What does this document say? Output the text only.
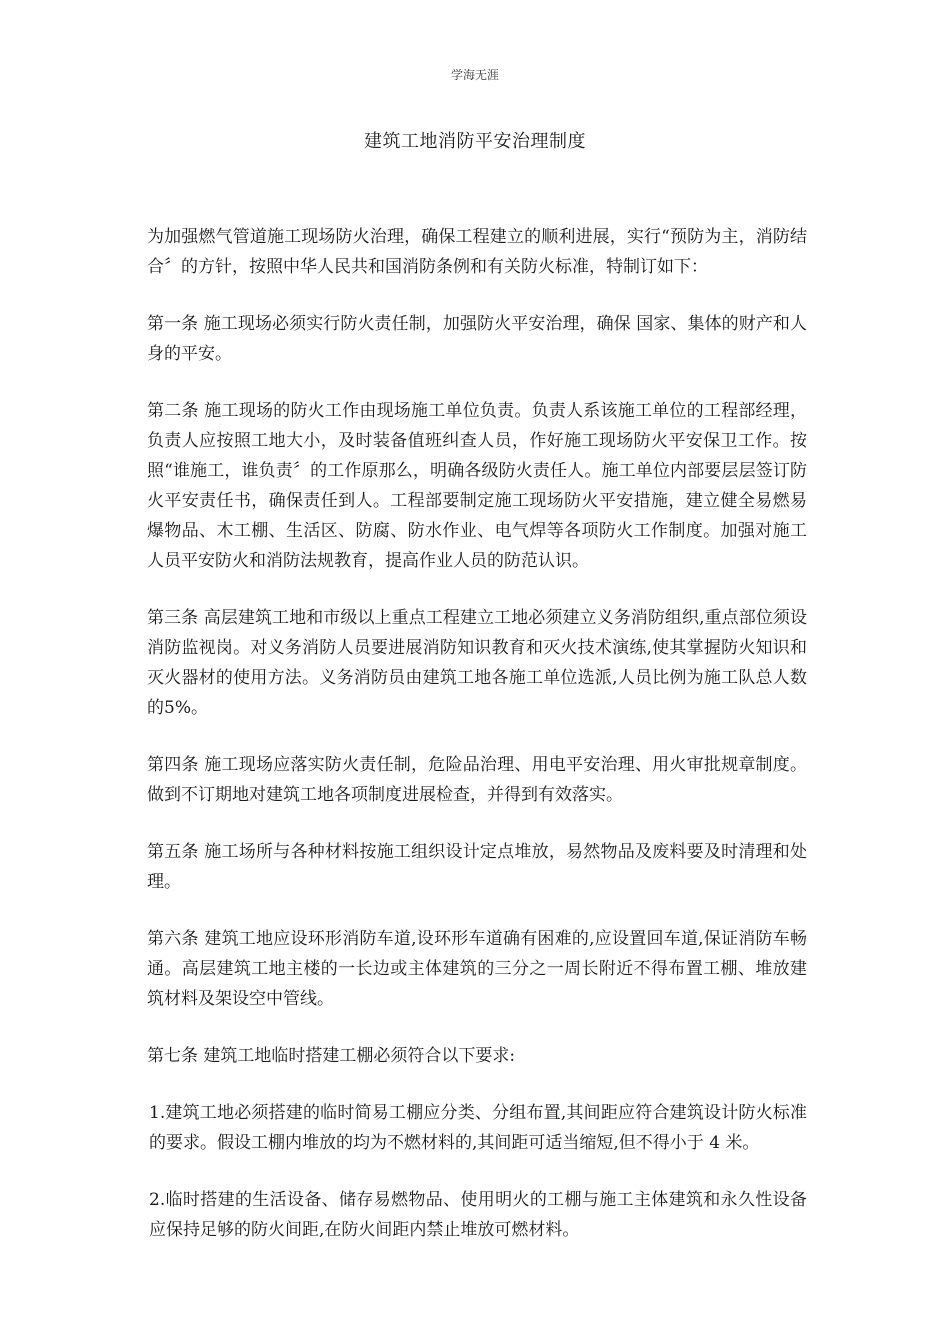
学海无涯
建筑工地消防平安治理制度

为加强燃气管道施工现场防火治理，确保工程建立的顺利进展，实行“预防为主，消防结合〞的方针，按照中华人民共和国消防条例和有关防火标准，特制订如下：

第一条 施工现场必须实行防火责任制，加强防火平安治理，确保 国家、集体的财产和人身的平安。

第二条 施工现场的防火工作由现场施工单位负责。负责人系该施工单位的工程部经理，负责人应按照工地大小，及时装备值班纠查人员，作好施工现场防火平安保卫工作。按照“谁施工，谁负责〞的工作原那么，明确各级防火责任人。施工单位内部要层层签订防火平安责任书，确保责任到人。工程部要制定施工现场防火平安措施，建立健全易燃易爆物品、木工棚、生活区、防腐、防水作业、电气焊等各项防火工作制度。加强对施工人员平安防火和消防法规教育，提高作业人员的防范认识。

第三条 高层建筑工地和市级以上重点工程建立工地必须建立义务消防组织,重点部位须设消防监视岗。对义务消防人员要进展消防知识教育和灭火技术演练,使其掌握防火知识和灭火器材的使用方法。义务消防员由建筑工地各施工单位选派,人员比例为施工队总人数的5%。

第四条 施工现场应落实防火责任制，危险品治理、用电平安治理、用火审批规章制度。做到不订期地对建筑工地各项制度进展检查，并得到有效落实。

第五条 施工场所与各种材料按施工组织设计定点堆放，易然物品及废料要及时清理和处理。

第六条 建筑工地应设环形消防车道,设环形车道确有困难的,应设置回车道,保证消防车畅通。高层建筑工地主楼的一长边或主体建筑的三分之一周长附近不得布置工棚、堆放建筑材料及架设空中管线。

第七条 建筑工地临时搭建工棚必须符合以下要求:

1.建筑工地必须搭建的临时简易工棚应分类、分组布置,其间距应符合建筑设计防火标准的要求。假设工棚内堆放的均为不燃材料的,其间距可适当缩短,但不得小于 4 米。

2.临时搭建的生活设备、储存易燃物品、使用明火的工棚与施工主体建筑和永久性设备应保持足够的防火间距,在防火间距内禁止堆放可燃材料。
